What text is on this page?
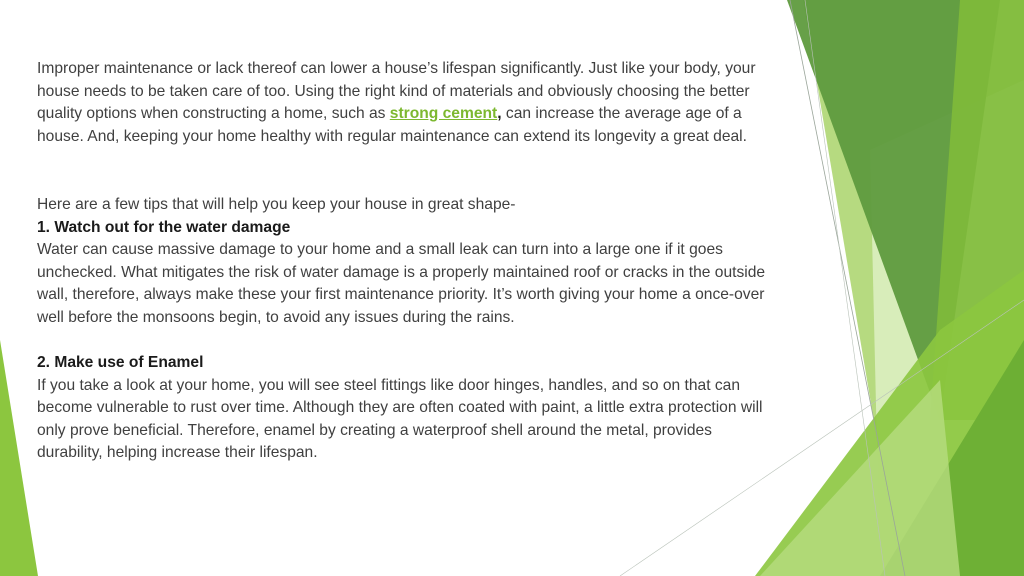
Improper maintenance or lack thereof can lower a house’s lifespan significantly. Just like your body, your house needs to be taken care of too. Using the right kind of materials and obviously choosing the better quality options when constructing a home, such as strong cement, can increase the average age of a house. And, keeping your home healthy with regular maintenance can extend its longevity a great deal.

Here are a few tips that will help you keep your house in great shape-

1. Watch out for the water damage

Water can cause massive damage to your home and a small leak can turn into a large one if it goes unchecked. What mitigates the risk of water damage is a properly maintained roof or cracks in the outside wall, therefore, always make these your first maintenance priority. It’s worth giving your home a once-over well before the monsoons begin, to avoid any issues during the rains.

2. Make use of Enamel

If you take a look at your home, you will see steel fittings like door hinges, handles, and so on that can become vulnerable to rust over time. Although they are often coated with paint, a little extra protection will only prove beneficial. Therefore, enamel by creating a waterproof shell around the metal, provides durability, helping increase their lifespan.
